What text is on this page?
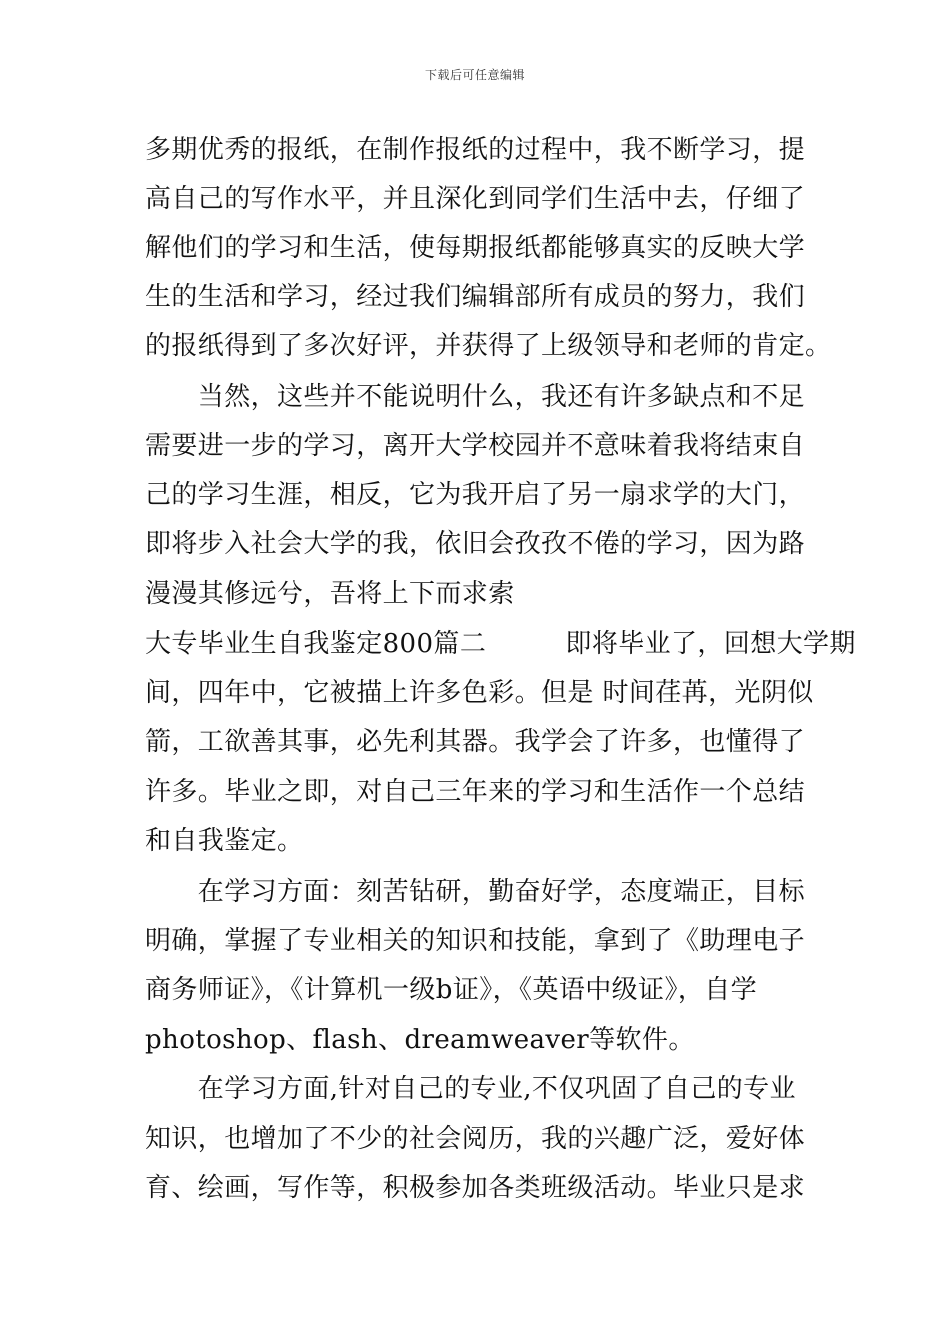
下载后可任意编辑
多期优秀的报纸，在制作报纸的过程中，我不断学习，提
高自己的写作水平，并且深化到同学们生活中去，仔细了
解他们的学习和生活，使每期报纸都能够真实的反映大学
生的生活和学习，经过我们编辑部所有成员的努力，我们
的报纸得到了多次好评，并获得了上级领导和老师的肯定。
　　当然，这些并不能说明什么，我还有许多缺点和不足
需要进一步的学习，离开大学校园并不意味着我将结束自
己的学习生涯，相反，它为我开启了另一扇求学的大门，
即将步入社会大学的我，依旧会孜孜不倦的学习，因为路
漫漫其修远兮，吾将上下而求索
大专毕业生自我鉴定800篇二　　　即将毕业了，回想大学期
间，四年中，它被描上许多色彩。但是 时间荏苒，光阴似
箭，工欲善其事，必先利其器。我学会了许多，也懂得了
许多。毕业之即，对自己三年来的学习和生活作一个总结
和自我鉴定。
　　在学习方面：刻苦钻研，勤奋好学，态度端正，目标
明确，掌握了专业相关的知识和技能，拿到了《助理电子
商务师证》，《计算机一级b证》，《英语中级证》，自学
photoshop、flash、dreamweaver等软件。
　　在学习方面,针对自己的专业,不仅巩固了自己的专业
知识，也增加了不少的社会阅历，我的兴趣广泛，爱好体
育、绘画，写作等，积极参加各类班级活动。毕业只是求
